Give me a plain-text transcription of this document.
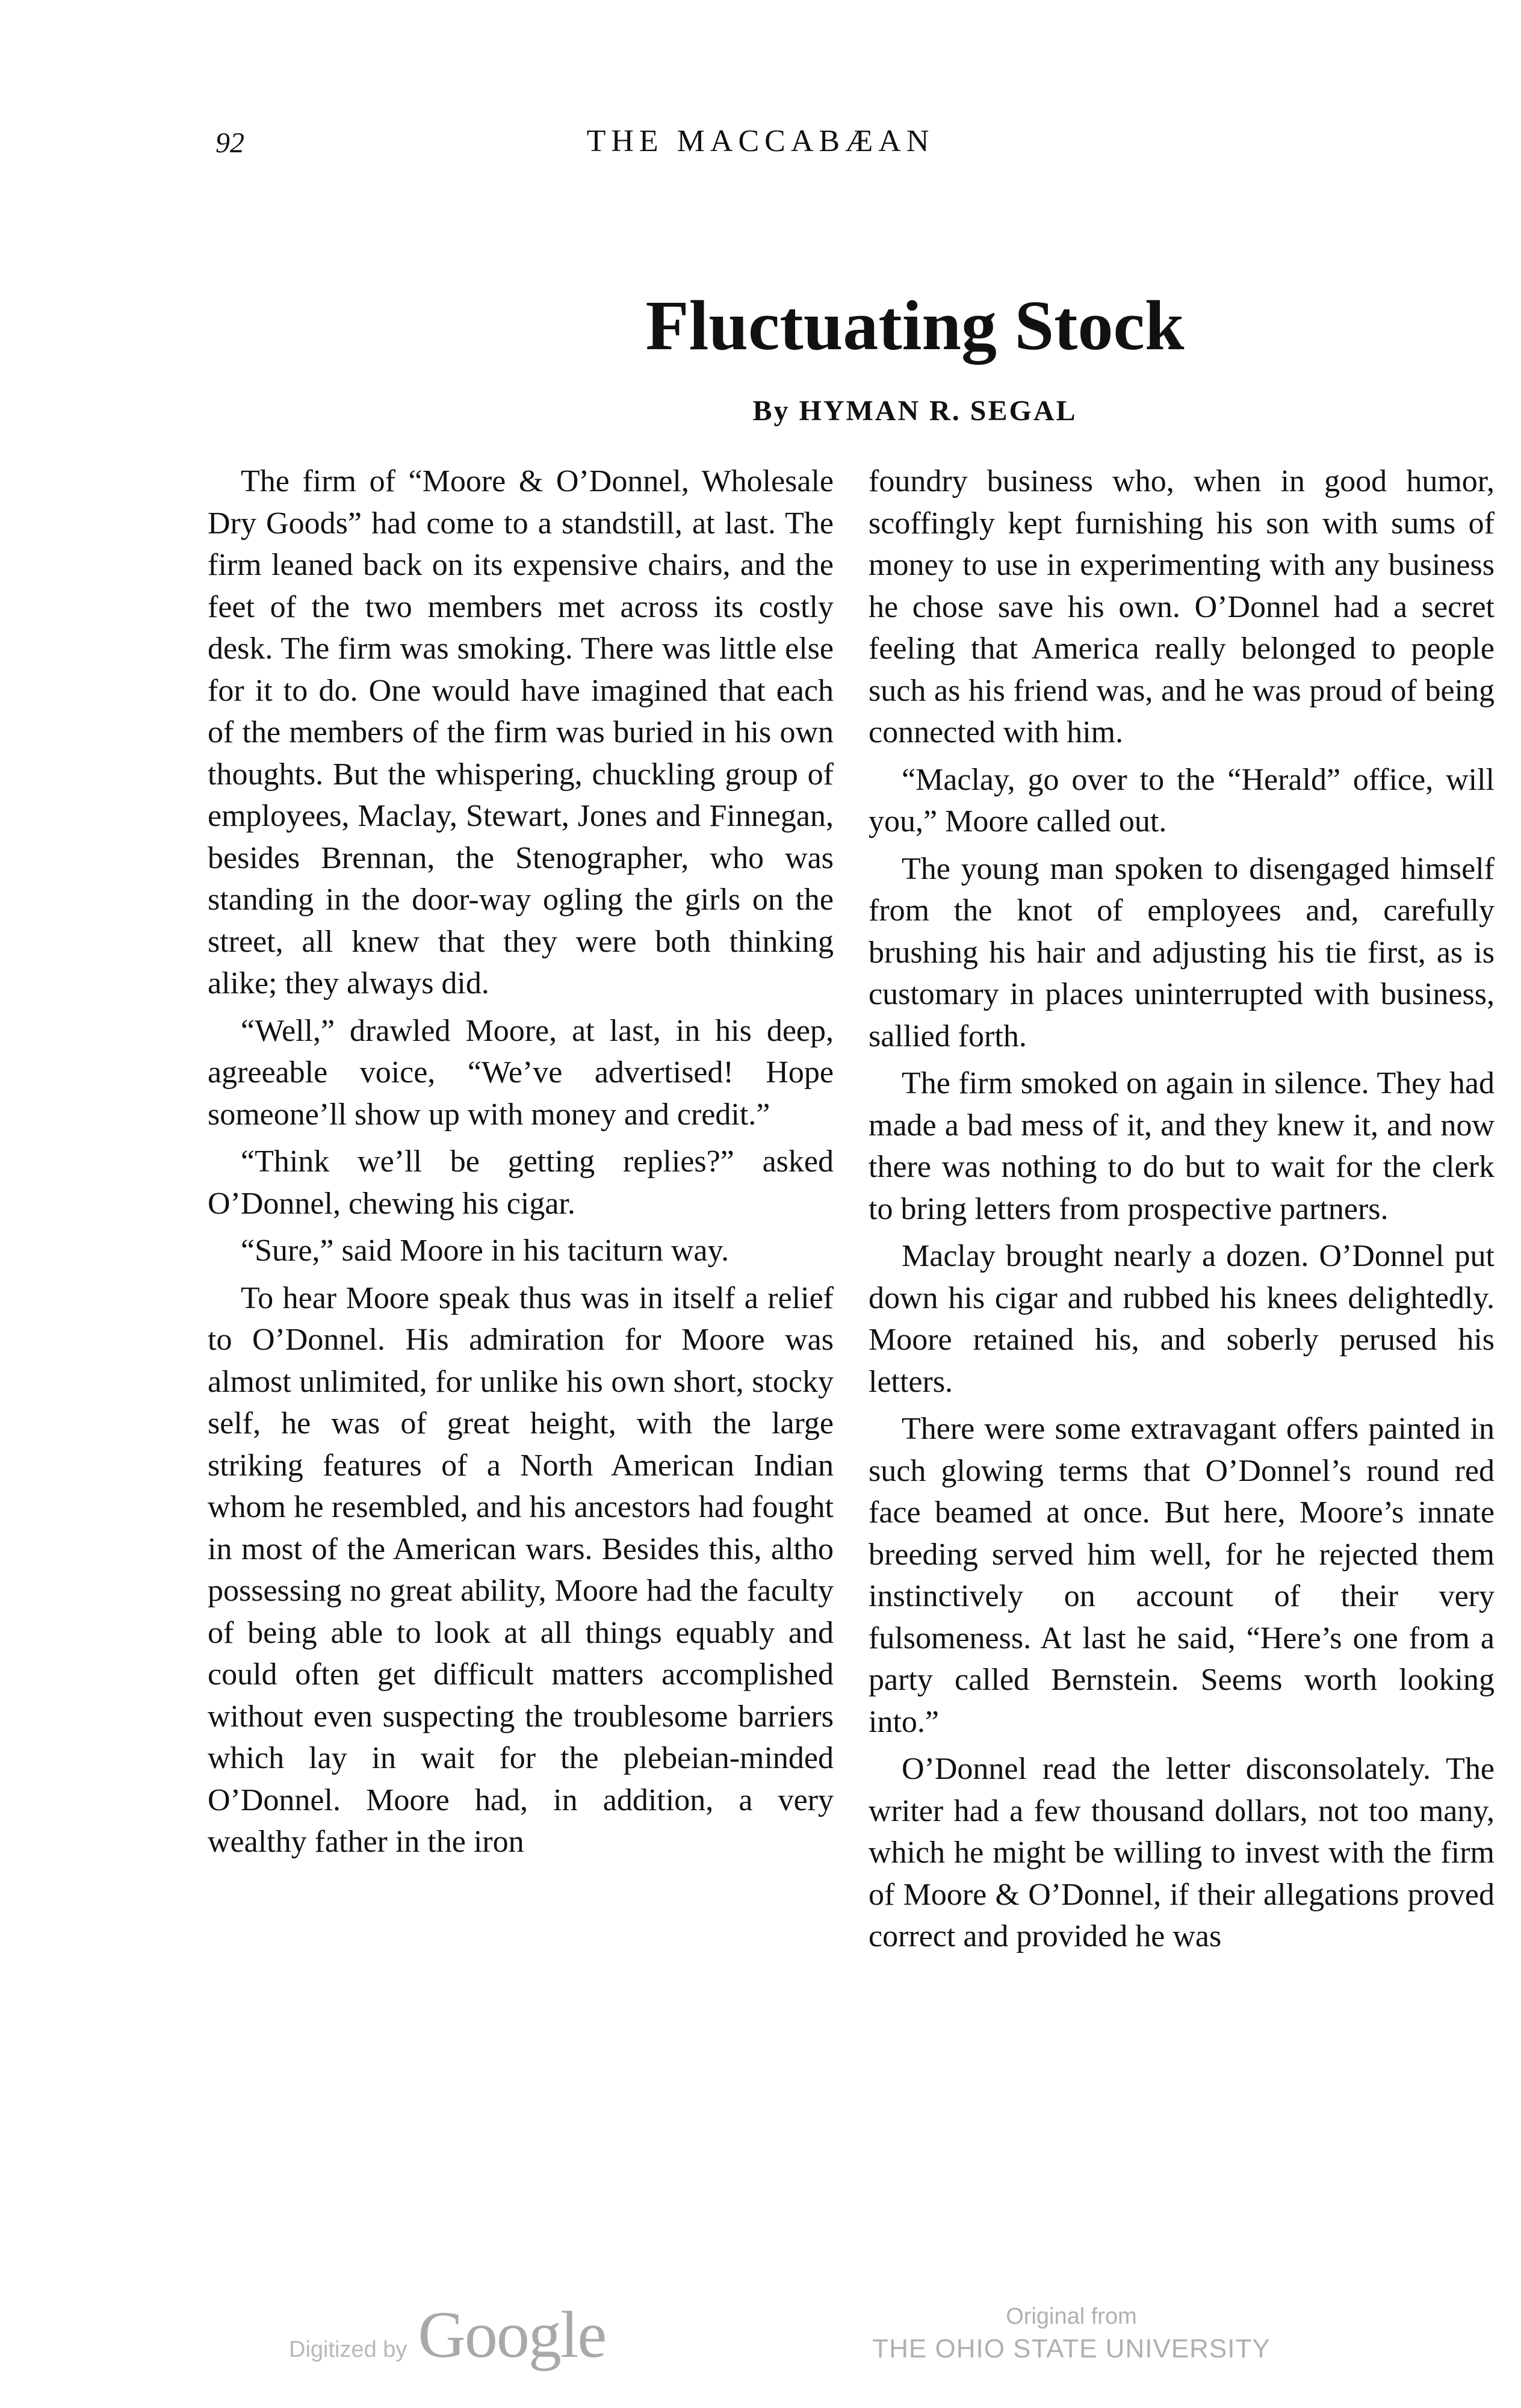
92	THE MACCABÆAN
Fluctuating Stock
By HYMAN R. SEGAL

The firm of “Moore & O’Donnel, Wholesale Dry Goods” had come to a standstill, at last. The firm leaned back on its expensive chairs, and the feet of the two members met across its costly desk. The firm was smoking. There was little else for it to do. One would have imagined that each of the members of the firm was buried in his own thoughts. But the whispering, chuckling group of employees, Maclay, Stewart, Jones and Finnegan, besides Brennan, the Stenographer, who was standing in the door-way ogling the girls on the street, all knew that they were both thinking alike; they always did.

“Well,” drawled Moore, at last, in his deep, agreeable voice, “We’ve advertised! Hope someone’ll show up with money and credit.”

“Think we’ll be getting replies?” asked O’Donnel, chewing his cigar.

“Sure,” said Moore in his taciturn way.

To hear Moore speak thus was in itself a relief to O’Donnel. His admiration for Moore was almost unlimited, for unlike his own short, stocky self, he was of great height, with the large striking features of a North American Indian whom he resembled, and his ancestors had fought in most of the American wars. Besides this, altho possessing no great ability, Moore had the faculty of being able to look at all things equably and could often get difficult matters accomplished without even suspecting the troublesome barriers which lay in wait for the plebeian-minded O’Donnel. Moore had, in addition, a very wealthy father in the iron

foundry business who, when in good humor, scoffingly kept furnishing his son with sums of money to use in experimenting with any business he chose save his own. O’Donnel had a secret feeling that America really belonged to people such as his friend was, and he was proud of being connected with him.

“Maclay, go over to the “Herald” office, will you,” Moore called out.

The young man spoken to disengaged himself from the knot of employees and, carefully brushing his hair and adjusting his tie first, as is customary in places uninterrupted with business, sallied forth.

The firm smoked on again in silence. They had made a bad mess of it, and they knew it, and now there was nothing to do but to wait for the clerk to bring letters from prospective partners.

Maclay brought nearly a dozen. O’Donnel put down his cigar and rubbed his knees delightedly. Moore retained his, and soberly perused his letters.

There were some extravagant offers painted in such glowing terms that O’Donnel’s round red face beamed at once. But here, Moore’s innate breeding served him well, for he rejected them instinctively on account of their very fulsomeness. At last he said, “Here’s one from a party called Bernstein. Seems worth looking into.”

O’Donnel read the letter disconsolately. The writer had a few thousand dollars, not too many, which he might be willing to invest with the firm of Moore & O’Donnel, if their allegations proved correct and provided he was

Digitized by Google	Original from
THE OHIO STATE UNIVERSITY
